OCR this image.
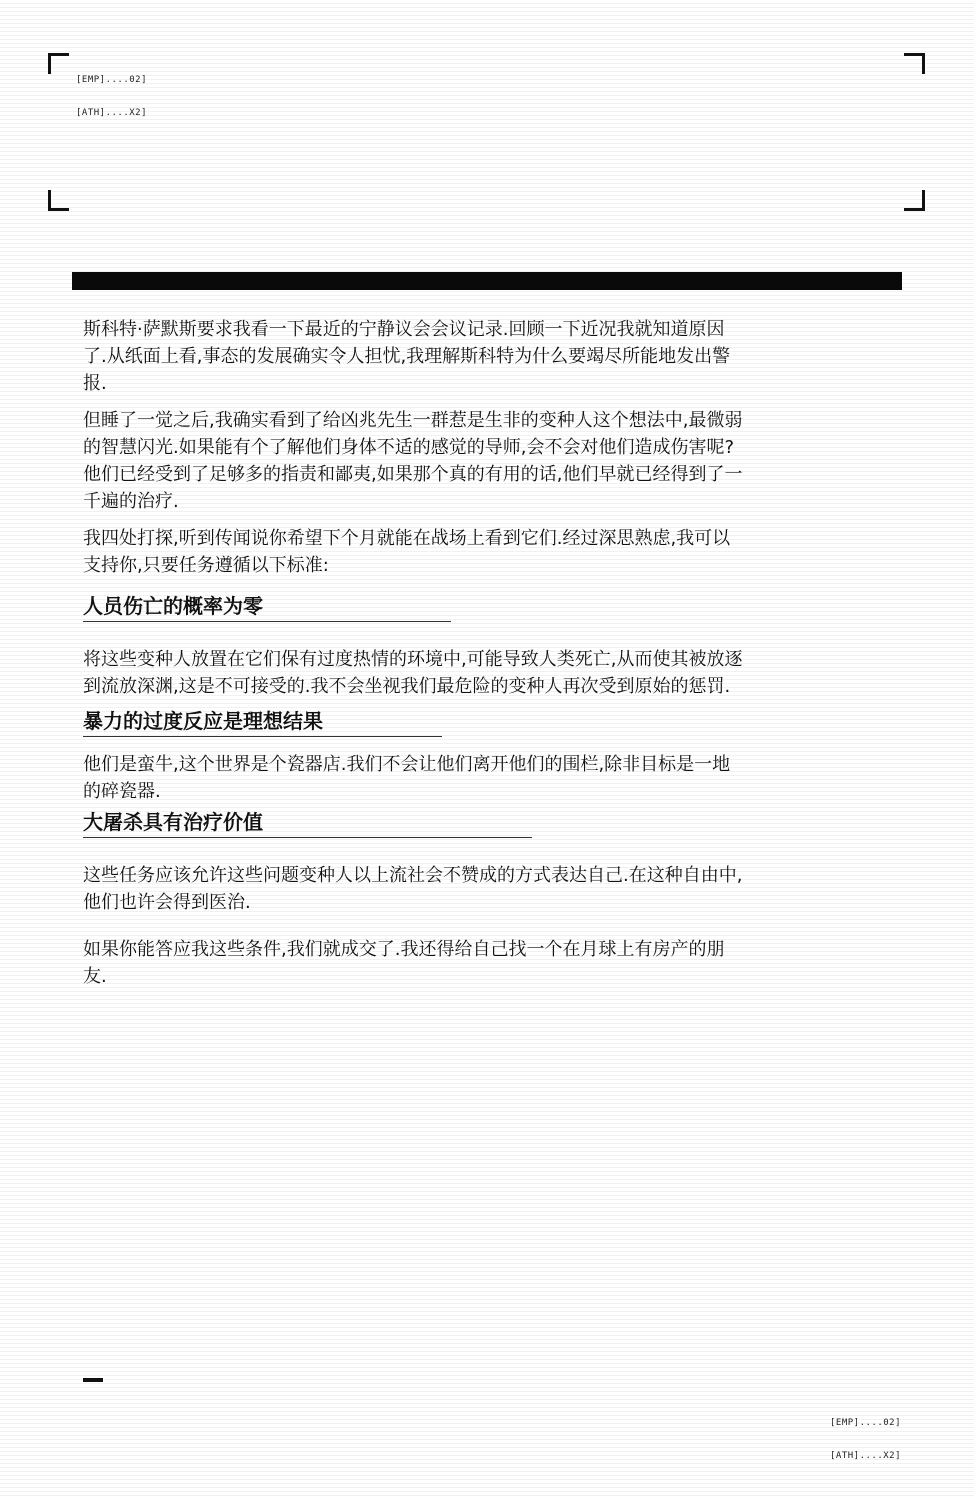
[EMP]....02]

[ATH]....X2]

斯科特·萨默斯要求我看一下最近的宁静议会会议记录.回顾一下近况我就知道原因了.从纸面上看,事态的发展确实令人担忧,我理解斯科特为什么要竭尽所能地发出警报.

但睡了一觉之后,我确实看到了给凶兆先生一群惹是生非的变种人这个想法中,最微弱的智慧闪光.如果能有个了解他们身体不适的感觉的导师,会不会对他们造成伤害呢?他们已经受到了足够多的指责和鄙夷,如果那个真的有用的话,他们早就已经得到了一千遍的治疗.

我四处打探,听到传闻说你希望下个月就能在战场上看到它们.经过深思熟虑,我可以支持你,只要任务遵循以下标准:

人员伤亡的概率为零

将这些变种人放置在它们保有过度热情的环境中,可能导致人类死亡,从而使其被放逐到流放深渊,这是不可接受的.我不会坐视我们最危险的变种人再次受到原始的惩罚.

暴力的过度反应是理想结果

他们是蛮牛,这个世界是个瓷器店.我们不会让他们离开他们的围栏,除非目标是一地的碎瓷器.

大屠杀具有治疗价值

这些任务应该允许这些问题变种人以上流社会不赞成的方式表达自己.在这种自由中,他们也许会得到医治.

如果你能答应我这些条件,我们就成交了.我还得给自己找一个在月球上有房产的朋友.

[EMP]....02]

[ATH]....X2]
